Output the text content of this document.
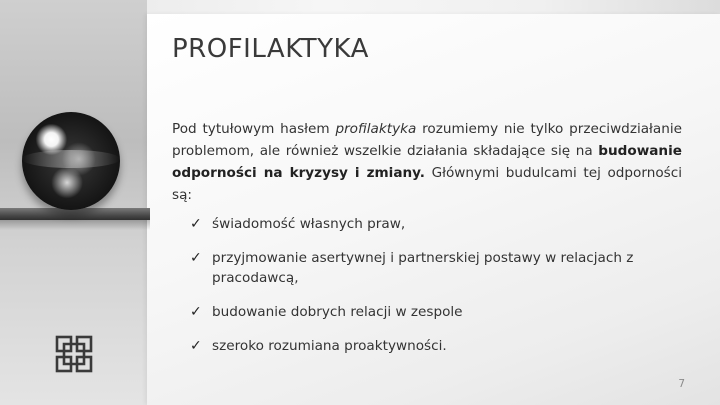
PROFILAKTYKA

Pod tytułowym hasłem profilaktyka rozumiemy nie tylko przeciwdziałanie problemom, ale również wszelkie działania składające się na budowanie odporności na kryzysy i zmiany. Głównymi budulcami tej odporności są:

✓ świadomość własnych praw,
✓ przyjmowanie asertywnej i partnerskiej postawy w relacjach z pracodawcą,
✓ budowanie dobrych relacji w zespole
✓ szeroko rozumiana proaktywności.
7
